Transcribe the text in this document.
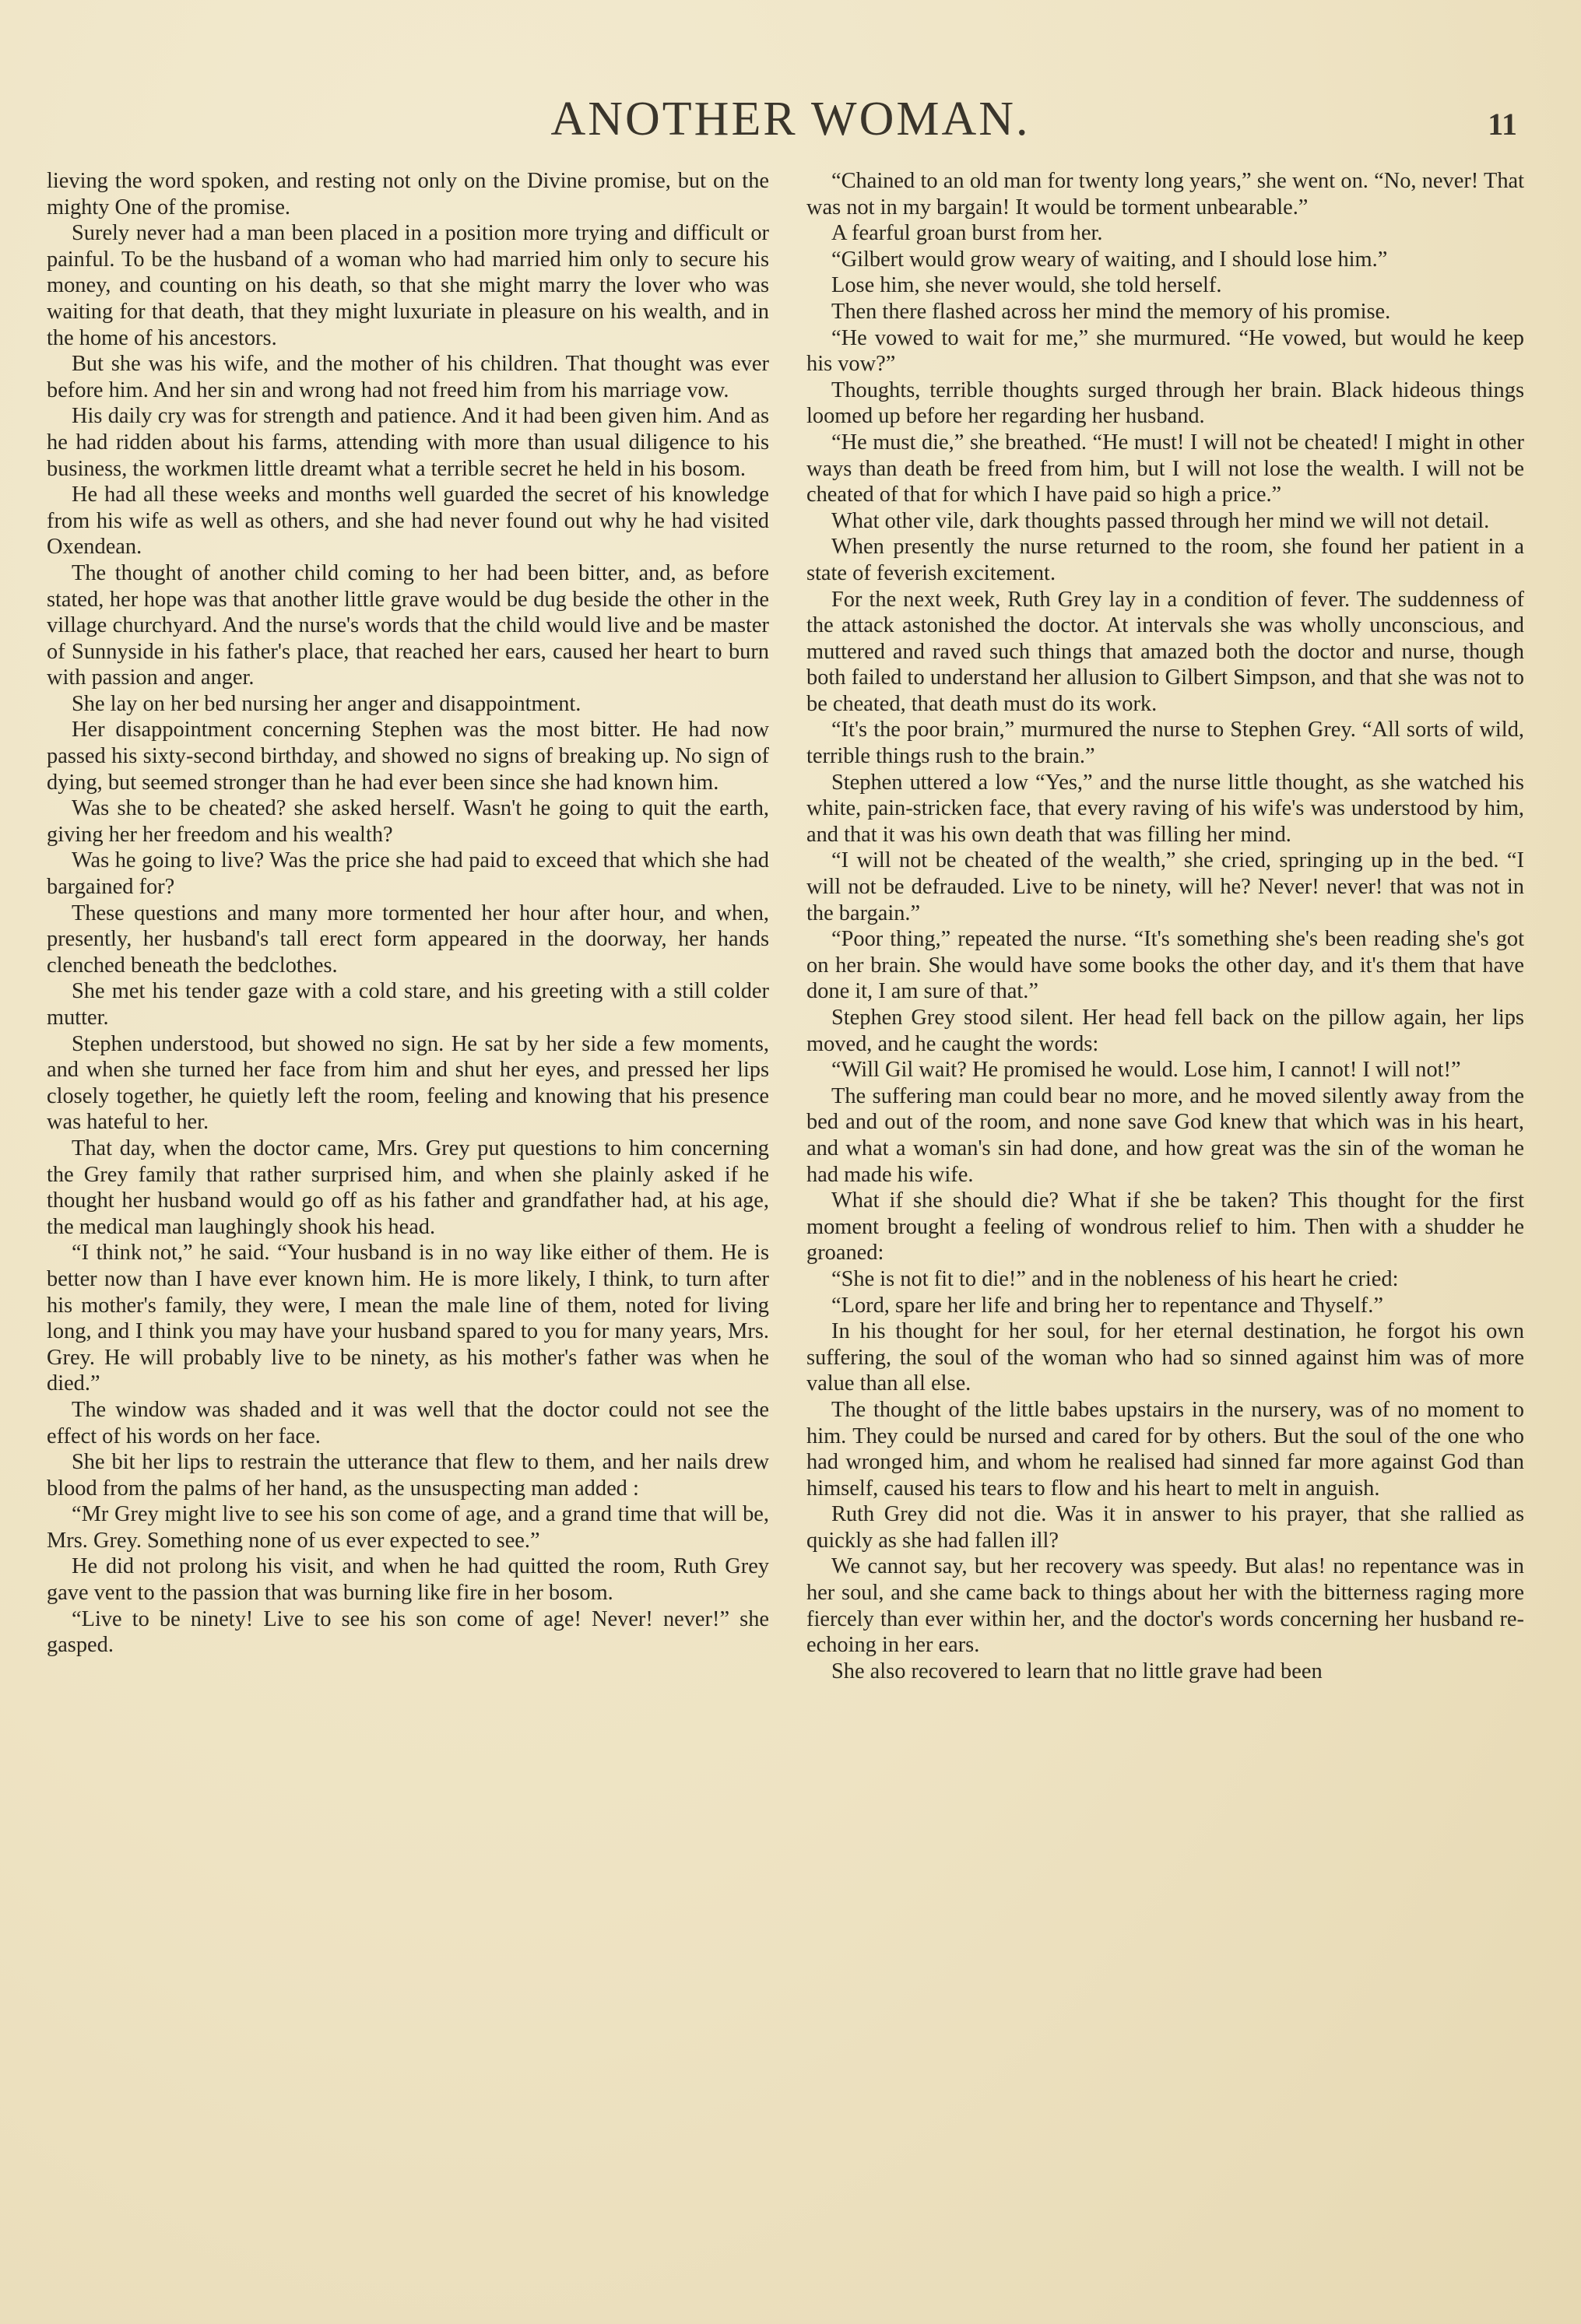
ANOTHER WOMAN.	11

lieving the word spoken, and resting not only on the Divine promise, but on the mighty One of the promise.

Surely never had a man been placed in a position more trying and difficult or painful. To be the husband of a woman who had married him only to secure his money, and counting on his death, so that she might marry the lover who was waiting for that death, that they might luxuriate in pleasure on his wealth, and in the home of his ancestors.

But she was his wife, and the mother of his children. That thought was ever before him. And her sin and wrong had not freed him from his marriage vow.

His daily cry was for strength and patience. And it had been given him. And as he had ridden about his farms, attending with more than usual diligence to his business, the workmen little dreamt what a terrible secret he held in his bosom.

He had all these weeks and months well guarded the secret of his knowledge from his wife as well as others, and she had never found out why he had visited Oxendean.

The thought of another child coming to her had been bitter, and, as before stated, her hope was that another little grave would be dug beside the other in the village churchyard. And the nurse's words that the child would live and be master of Sunnyside in his father's place, that reached her ears, caused her heart to burn with passion and anger.

She lay on her bed nursing her anger and disappointment.

Her disappointment concerning Stephen was the most bitter. He had now passed his sixty-second birthday, and showed no signs of breaking up. No sign of dying, but seemed stronger than he had ever been since she had known him.

Was she to be cheated? she asked herself. Wasn't he going to quit the earth, giving her her freedom and his wealth?

Was he going to live? Was the price she had paid to exceed that which she had bargained for?

These questions and many more tormented her hour after hour, and when, presently, her husband's tall erect form appeared in the doorway, her hands clenched beneath the bedclothes.

She met his tender gaze with a cold stare, and his greeting with a still colder mutter.

Stephen understood, but showed no sign. He sat by her side a few moments, and when she turned her face from him and shut her eyes, and pressed her lips closely together, he quietly left the room, feeling and knowing that his presence was hateful to her.

That day, when the doctor came, Mrs. Grey put questions to him concerning the Grey family that rather surprised him, and when she plainly asked if he thought her husband would go off as his father and grandfather had, at his age, the medical man laughingly shook his head.

“I think not,” he said. “Your husband is in no way like either of them. He is better now than I have ever known him. He is more likely, I think, to turn after his mother's family, they were, I mean the male line of them, noted for living long, and I think you may have your husband spared to you for many years, Mrs. Grey. He will probably live to be ninety, as his mother's father was when he died.”

The window was shaded and it was well that the doctor could not see the effect of his words on her face.

She bit her lips to restrain the utterance that flew to them, and her nails drew blood from the palms of her hand, as the unsuspecting man added :

“Mr Grey might live to see his son come of age, and a grand time that will be, Mrs. Grey. Something none of us ever expected to see.”

He did not prolong his visit, and when he had quitted the room, Ruth Grey gave vent to the passion that was burning like fire in her bosom.

“Live to be ninety! Live to see his son come of age! Never! never!” she gasped.

“Chained to an old man for twenty long years,” she went on. “No, never! That was not in my bargain! It would be torment unbearable.”

A fearful groan burst from her.

“Gilbert would grow weary of waiting, and I should lose him.”

Lose him, she never would, she told herself.

Then there flashed across her mind the memory of his promise.

“He vowed to wait for me,” she murmured. “He vowed, but would he keep his vow?”

Thoughts, terrible thoughts surged through her brain. Black hideous things loomed up before her regarding her husband.

“He must die,” she breathed. “He must! I will not be cheated! I might in other ways than death be freed from him, but I will not lose the wealth. I will not be cheated of that for which I have paid so high a price.”

What other vile, dark thoughts passed through her mind we will not detail.

When presently the nurse returned to the room, she found her patient in a state of feverish excitement.

For the next week, Ruth Grey lay in a condition of fever. The suddenness of the attack astonished the doctor. At intervals she was wholly unconscious, and muttered and raved such things that amazed both the doctor and nurse, though both failed to understand her allusion to Gilbert Simpson, and that she was not to be cheated, that death must do its work.

“It's the poor brain,” murmured the nurse to Stephen Grey. “All sorts of wild, terrible things rush to the brain.”

Stephen uttered a low “Yes,” and the nurse little thought, as she watched his white, pain-stricken face, that every raving of his wife's was understood by him, and that it was his own death that was filling her mind.

“I will not be cheated of the wealth,” she cried, springing up in the bed. “I will not be defrauded. Live to be ninety, will he? Never! never! that was not in the bargain.”

“Poor thing,” repeated the nurse. “It's something she's been reading she's got on her brain. She would have some books the other day, and it's them that have done it, I am sure of that.”

Stephen Grey stood silent. Her head fell back on the pillow again, her lips moved, and he caught the words:

“Will Gil wait? He promised he would. Lose him, I cannot! I will not!”

The suffering man could bear no more, and he moved silently away from the bed and out of the room, and none save God knew that which was in his heart, and what a woman's sin had done, and how great was the sin of the woman he had made his wife.

What if she should die? What if she be taken? This thought for the first moment brought a feeling of wondrous relief to him. Then with a shudder he groaned:

“She is not fit to die!” and in the nobleness of his heart he cried:

“Lord, spare her life and bring her to repentance and Thyself.”

In his thought for her soul, for her eternal destination, he forgot his own suffering, the soul of the woman who had so sinned against him was of more value than all else.

The thought of the little babes upstairs in the nursery, was of no moment to him. They could be nursed and cared for by others. But the soul of the one who had wronged him, and whom he realised had sinned far more against God than himself, caused his tears to flow and his heart to melt in anguish.

Ruth Grey did not die. Was it in answer to his prayer, that she rallied as quickly as she had fallen ill?

We cannot say, but her recovery was speedy. But alas! no repentance was in her soul, and she came back to things about her with the bitterness raging more fiercely than ever within her, and the doctor's words concerning her husband re-echoing in her ears.

She also recovered to learn that no little grave had been
